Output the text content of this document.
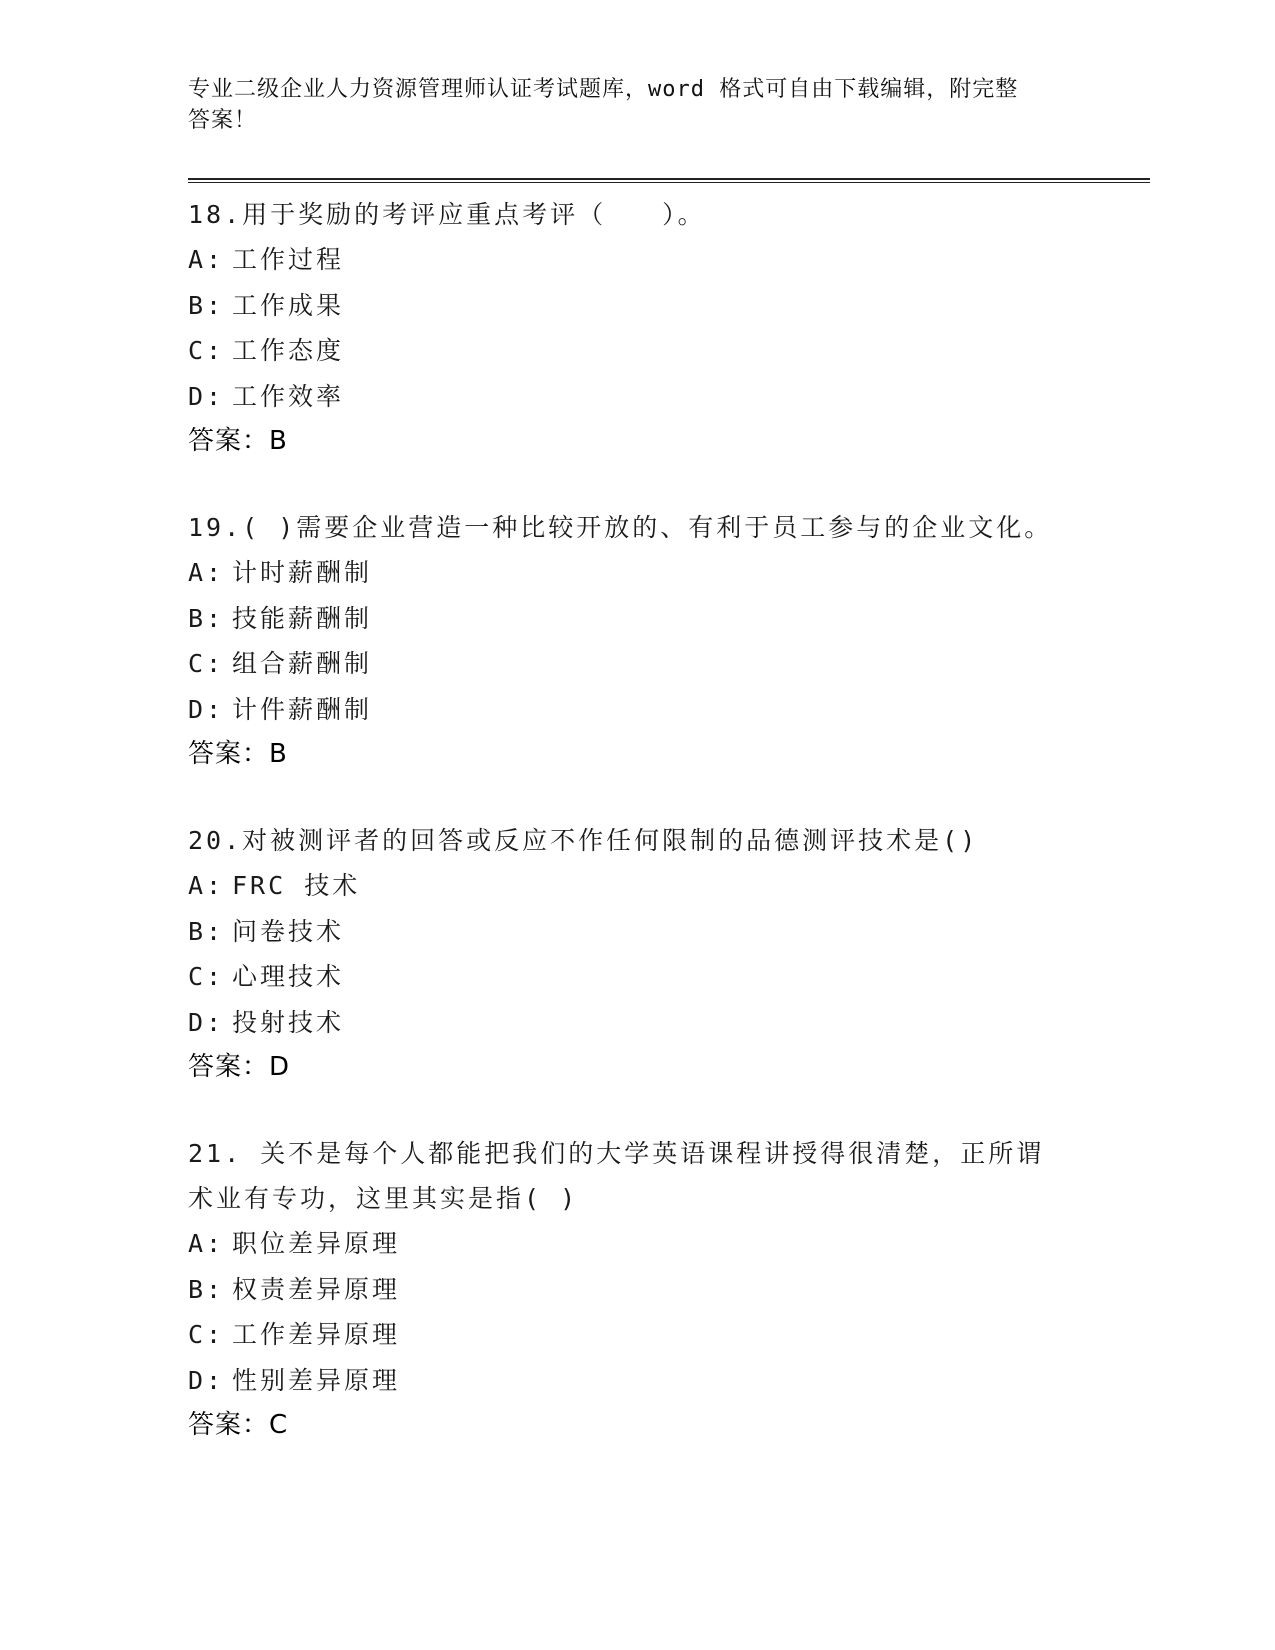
专业二级企业人力资源管理师认证考试题库，word 格式可自由下载编辑，附完整
答案！
18.用于奖励的考评应重点考评（　　）。
A: 工作过程
B: 工作成果
C: 工作态度
D: 工作效率
答案：B
19.( )需要企业营造一种比较开放的、有利于员工参与的企业文化。
A: 计时薪酬制
B: 技能薪酬制
C: 组合薪酬制
D: 计件薪酬制
答案：B
20.对被测评者的回答或反应不作任何限制的品德测评技术是()
A: FRC 技术
B: 问卷技术
C: 心理技术
D: 投射技术
答案：D
21. 关不是每个人都能把我们的大学英语课程讲授得很清楚，正所谓
术业有专功，这里其实是指( )
A: 职位差异原理
B: 权责差异原理
C: 工作差异原理
D: 性别差异原理
答案：C
